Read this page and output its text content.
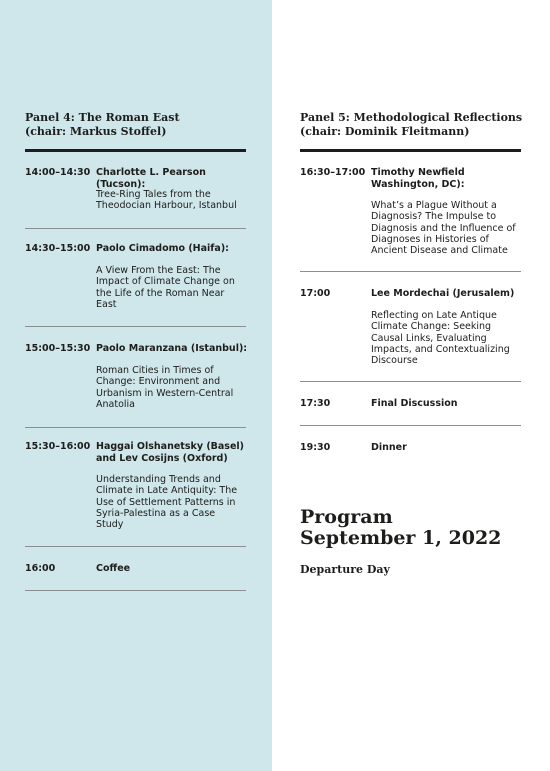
Panel 4: The Roman East
(chair: Markus Stoffel)
14:00–14:30 Charlotte L. Pearson (Tucson):
Tree-Ring Tales from the
Theodocian Harbour, Istanbul
14:30–15:00 Paolo Cimadomo (Haifa):
A View From the East: The
Impact of Climate Change on
the Life of the Roman Near
East
15:00–15:30 Paolo Maranzana (Istanbul):
Roman Cities in Times of
Change: Environment and
Urbanism in Western-Central
Anatolia
15:30–16:00 Haggai Olshanetsky (Basel)
and Lev Cosijns (Oxford)
Understanding Trends and
Climate in Late Antiquity: The
Use of Settlement Patterns in
Syria-Palestina as a Case
Study
16:00	Coffee
Panel 5: Methodological Reflections
(chair: Dominik Fleitmann)
16:30–17:00 Timothy Newfield
Washington, DC):
What’s a Plague Without a
Diagnosis? The Impulse to
Diagnosis and the Influence of
Diagnoses in Histories of
Ancient Disease and Climate
17:00	Lee Mordechai (Jerusalem)
Reflecting on Late Antique
Climate Change: Seeking
Causal Links, Evaluating
Impacts, and Contextualizing
Discourse
17:30	Final Discussion
19:30	Dinner
Program
September 1, 2022
Departure Day
